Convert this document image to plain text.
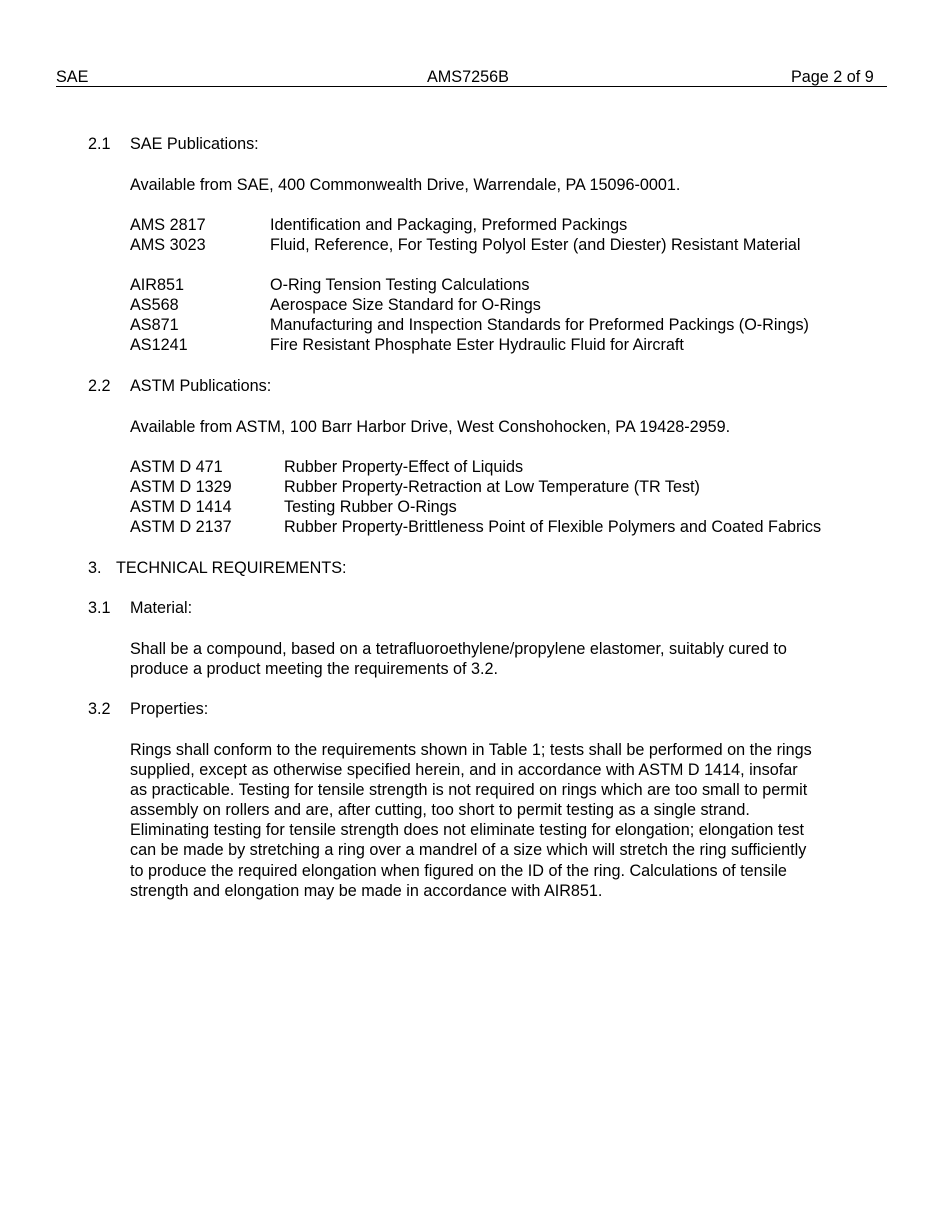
SAE	AMS7256B	Page 2 of 9
2.1 SAE Publications:
Available from SAE, 400 Commonwealth Drive, Warrendale, PA 15096-0001.
AMS 2817	Identification and Packaging, Preformed Packings
AMS 3023	Fluid, Reference, For Testing Polyol Ester (and Diester) Resistant Material
AIR851	O-Ring Tension Testing Calculations
AS568	Aerospace Size Standard for O-Rings
AS871	Manufacturing and Inspection Standards for Preformed Packings (O-Rings)
AS1241	Fire Resistant Phosphate Ester Hydraulic Fluid for Aircraft
2.2 ASTM Publications:
Available from ASTM, 100 Barr Harbor Drive, West Conshohocken, PA 19428-2959.
ASTM D 471	Rubber Property-Effect of Liquids
ASTM D 1329	Rubber Property-Retraction at Low Temperature (TR Test)
ASTM D 1414	Testing Rubber O-Rings
ASTM D 2137	Rubber Property-Brittleness Point of Flexible Polymers and Coated Fabrics
3. TECHNICAL REQUIREMENTS:
3.1 Material:
Shall be a compound, based on a tetrafluoroethylene/propylene elastomer, suitably cured to
produce a product meeting the requirements of 3.2.
3.2 Properties:
Rings shall conform to the requirements shown in Table 1; tests shall be performed on the rings
supplied, except as otherwise specified herein, and in accordance with ASTM D 1414, insofar
as practicable. Testing for tensile strength is not required on rings which are too small to permit
assembly on rollers and are, after cutting, too short to permit testing as a single strand.
Eliminating testing for tensile strength does not eliminate testing for elongation; elongation test
can be made by stretching a ring over a mandrel of a size which will stretch the ring sufficiently
to produce the required elongation when figured on the ID of the ring. Calculations of tensile
strength and elongation may be made in accordance with AIR851.
